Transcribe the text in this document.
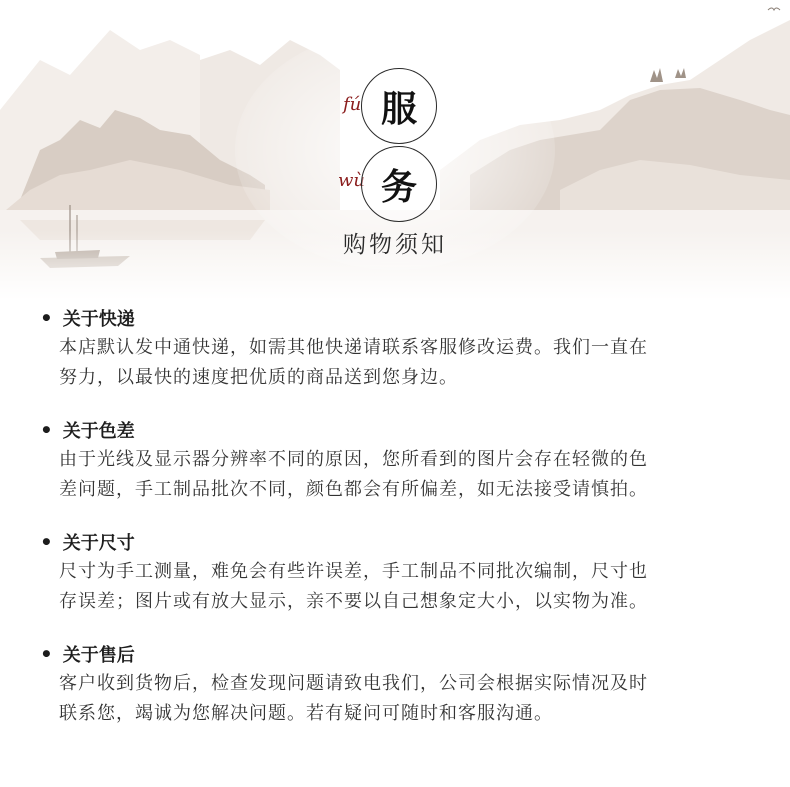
fú 服
wù 务
购物须知
• 关于快递
本店默认发中通快递，如需其他快递请联系客服修改运费。我们一直在
努力，以最快的速度把优质的商品送到您身边。
• 关于色差
由于光线及显示器分辨率不同的原因，您所看到的图片会存在轻微的色
差问题，手工制品批次不同，颜色都会有所偏差，如无法接受请慎拍。
• 关于尺寸
尺寸为手工测量，难免会有些许误差，手工制品不同批次编制，尺寸也
存误差；图片或有放大显示，亲不要以自己想象定大小，以实物为准。
• 关于售后
客户收到货物后，检查发现问题请致电我们，公司会根据实际情况及时
联系您，竭诚为您解决问题。若有疑问可随时和客服沟通。
